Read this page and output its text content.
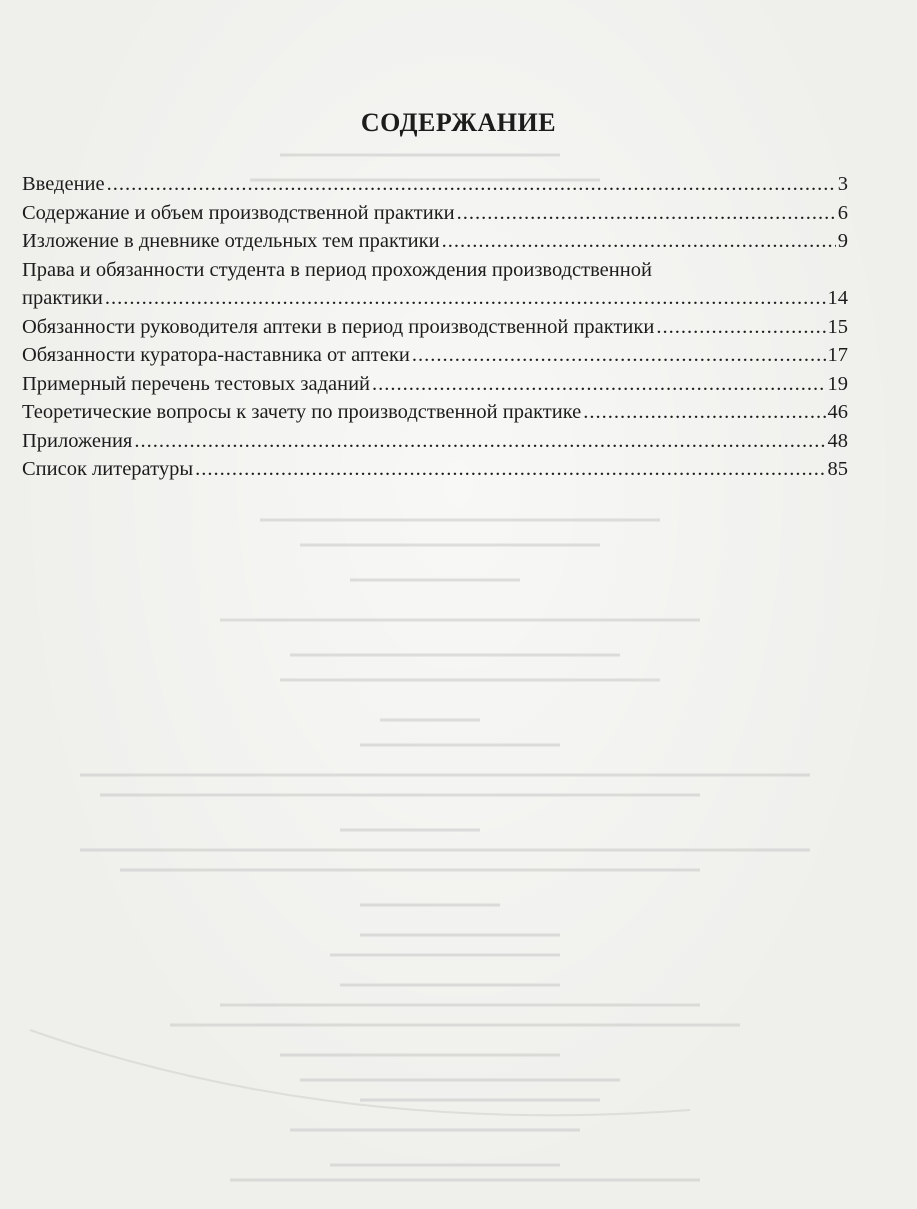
СОДЕРЖАНИЕ
Введение .....	3
Содержание и объем производственной практики .....	6
Изложение в дневнике отдельных тем практики .....	9
Права и обязанности студента в период прохождения производственной
практики .....	14
Обязанности руководителя аптеки в период производственной практики .....	15
Обязанности куратора-наставника от аптеки .....	17
Примерный перечень тестовых заданий .....	19
Теоретические вопросы к зачету по производственной практике .....	46
Приложения .....	48
Список литературы .....	85
